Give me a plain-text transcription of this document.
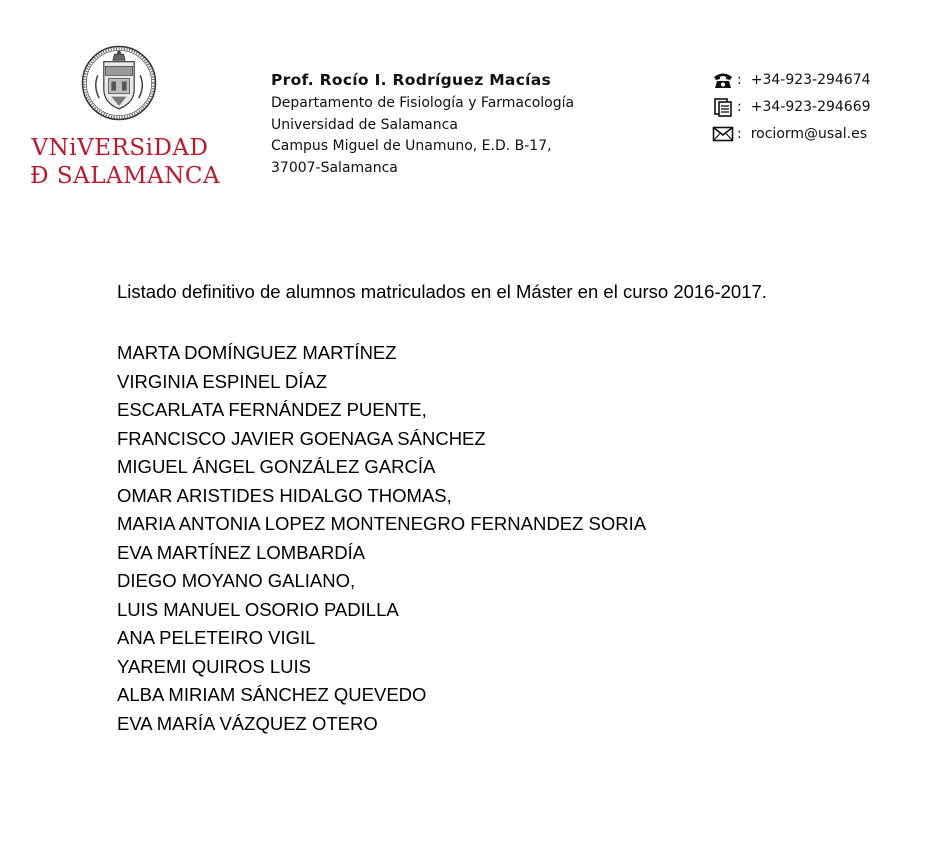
VNiVERSiDAD
Ð SALAMANCA
Prof. Rocío I. Rodríguez Macías
Departamento de Fisiología y Farmacología
Universidad de Salamanca
Campus Miguel de Unamuno, E.D. B-17,
37007-Salamanca
: +34-923-294674
: +34-923-294669
: rociorm@usal.es
Listado definitivo de alumnos matriculados en el Máster en el curso 2016-2017.
MARTA DOMÍNGUEZ MARTÍNEZ
VIRGINIA ESPINEL DÍAZ
ESCARLATA FERNÁNDEZ PUENTE,
FRANCISCO JAVIER GOENAGA SÁNCHEZ
MIGUEL ÁNGEL GONZÁLEZ GARCÍA
OMAR ARISTIDES HIDALGO THOMAS,
MARIA ANTONIA LOPEZ MONTENEGRO FERNANDEZ SORIA
EVA MARTÍNEZ LOMBARDÍA
DIEGO MOYANO GALIANO,
LUIS MANUEL OSORIO PADILLA
ANA PELETEIRO VIGIL
YAREMI QUIROS LUIS
ALBA MIRIAM SÁNCHEZ QUEVEDO
EVA MARÍA VÁZQUEZ OTERO
